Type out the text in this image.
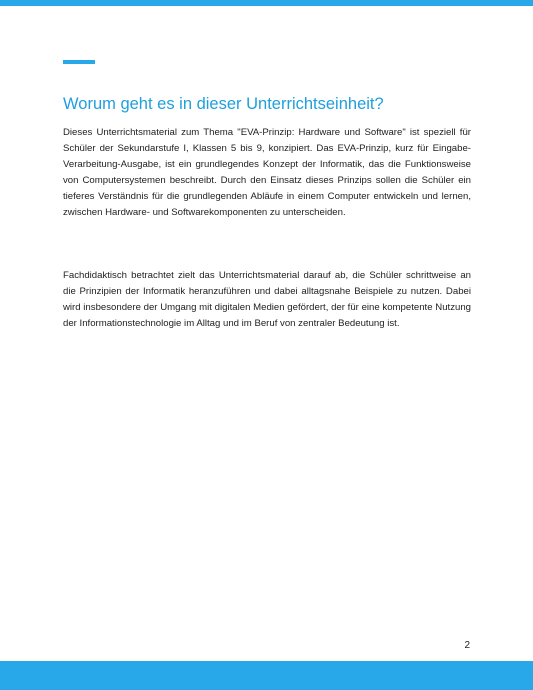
Worum geht es in dieser Unterrichtseinheit?

Dieses Unterrichtsmaterial zum Thema "EVA-Prinzip: Hardware und Software" ist speziell für Schüler der Sekundarstufe I, Klassen 5 bis 9, konzipiert. Das EVA-Prinzip, kurz für Eingabe-Verarbeitung-Ausgabe, ist ein grundlegendes Konzept der Informatik, das die Funktionsweise von Computersystemen beschreibt. Durch den Einsatz dieses Prinzips sollen die Schüler ein tieferes Verständnis für die grundlegenden Abläufe in einem Computer entwickeln und lernen, zwischen Hardware- und Softwarekomponenten zu unterscheiden.

Fachdidaktisch betrachtet zielt das Unterrichtsmaterial darauf ab, die Schüler schrittweise an die Prinzipien der Informatik heranzuführen und dabei alltagsnahe Beispiele zu nutzen. Dabei wird insbesondere der Umgang mit digitalen Medien gefördert, der für eine kompetente Nutzung der Informationstechnologie im Alltag und im Beruf von zentraler Bedeutung ist.

2
